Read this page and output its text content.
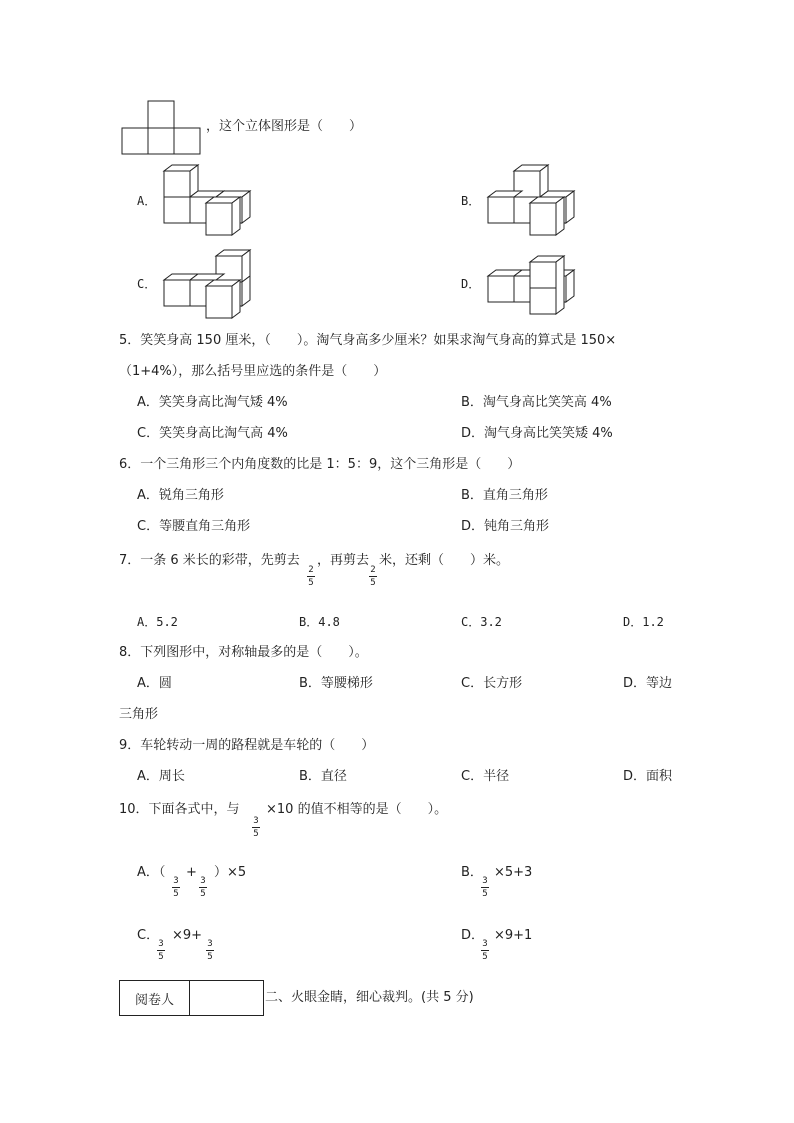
，这个立体图形是（　　）
A．	B．
C．	D．
5．笑笑身高 150 厘米，（　　）。淘气身高多少厘米？如果求淘气身高的算式是 150×
（1+4%），那么括号里应选的条件是（　　）
A．笑笑身高比淘气矮 4%	B．淘气身高比笑笑高 4%
C．笑笑身高比淘气高 4%	D．淘气身高比笑笑矮 4%
6．一个三角形三个内角度数的比是 1：5：9，这个三角形是（　　）
A．锐角三角形	B．直角三角形
C．等腰直角三角形	D．钝角三角形
7．一条 6 米长的彩带，先剪去
2
5
，再剪去
2
5
米，还剩（　　）米。
A．5.2	B．4.8	C．3.2	D．1.2
8．下列图形中，对称轴最多的是（　　）。
A．圆	B．等腰梯形	C．长方形	D．等边
三角形
9．车轮转动一周的路程就是车轮的（　　）
A．周长	B．直径	C．半径	D．面积
10．下面各式中，与
3
5
×10 的值不相等的是（　　）。
A．（
3
5
+
3
5
）×5	B．
3
5
×5+3
C．
3
5
×9+
3
5
D．
3
5
×9+1
阅卷人	二、火眼金睛，细心裁判。(共 5 分)
